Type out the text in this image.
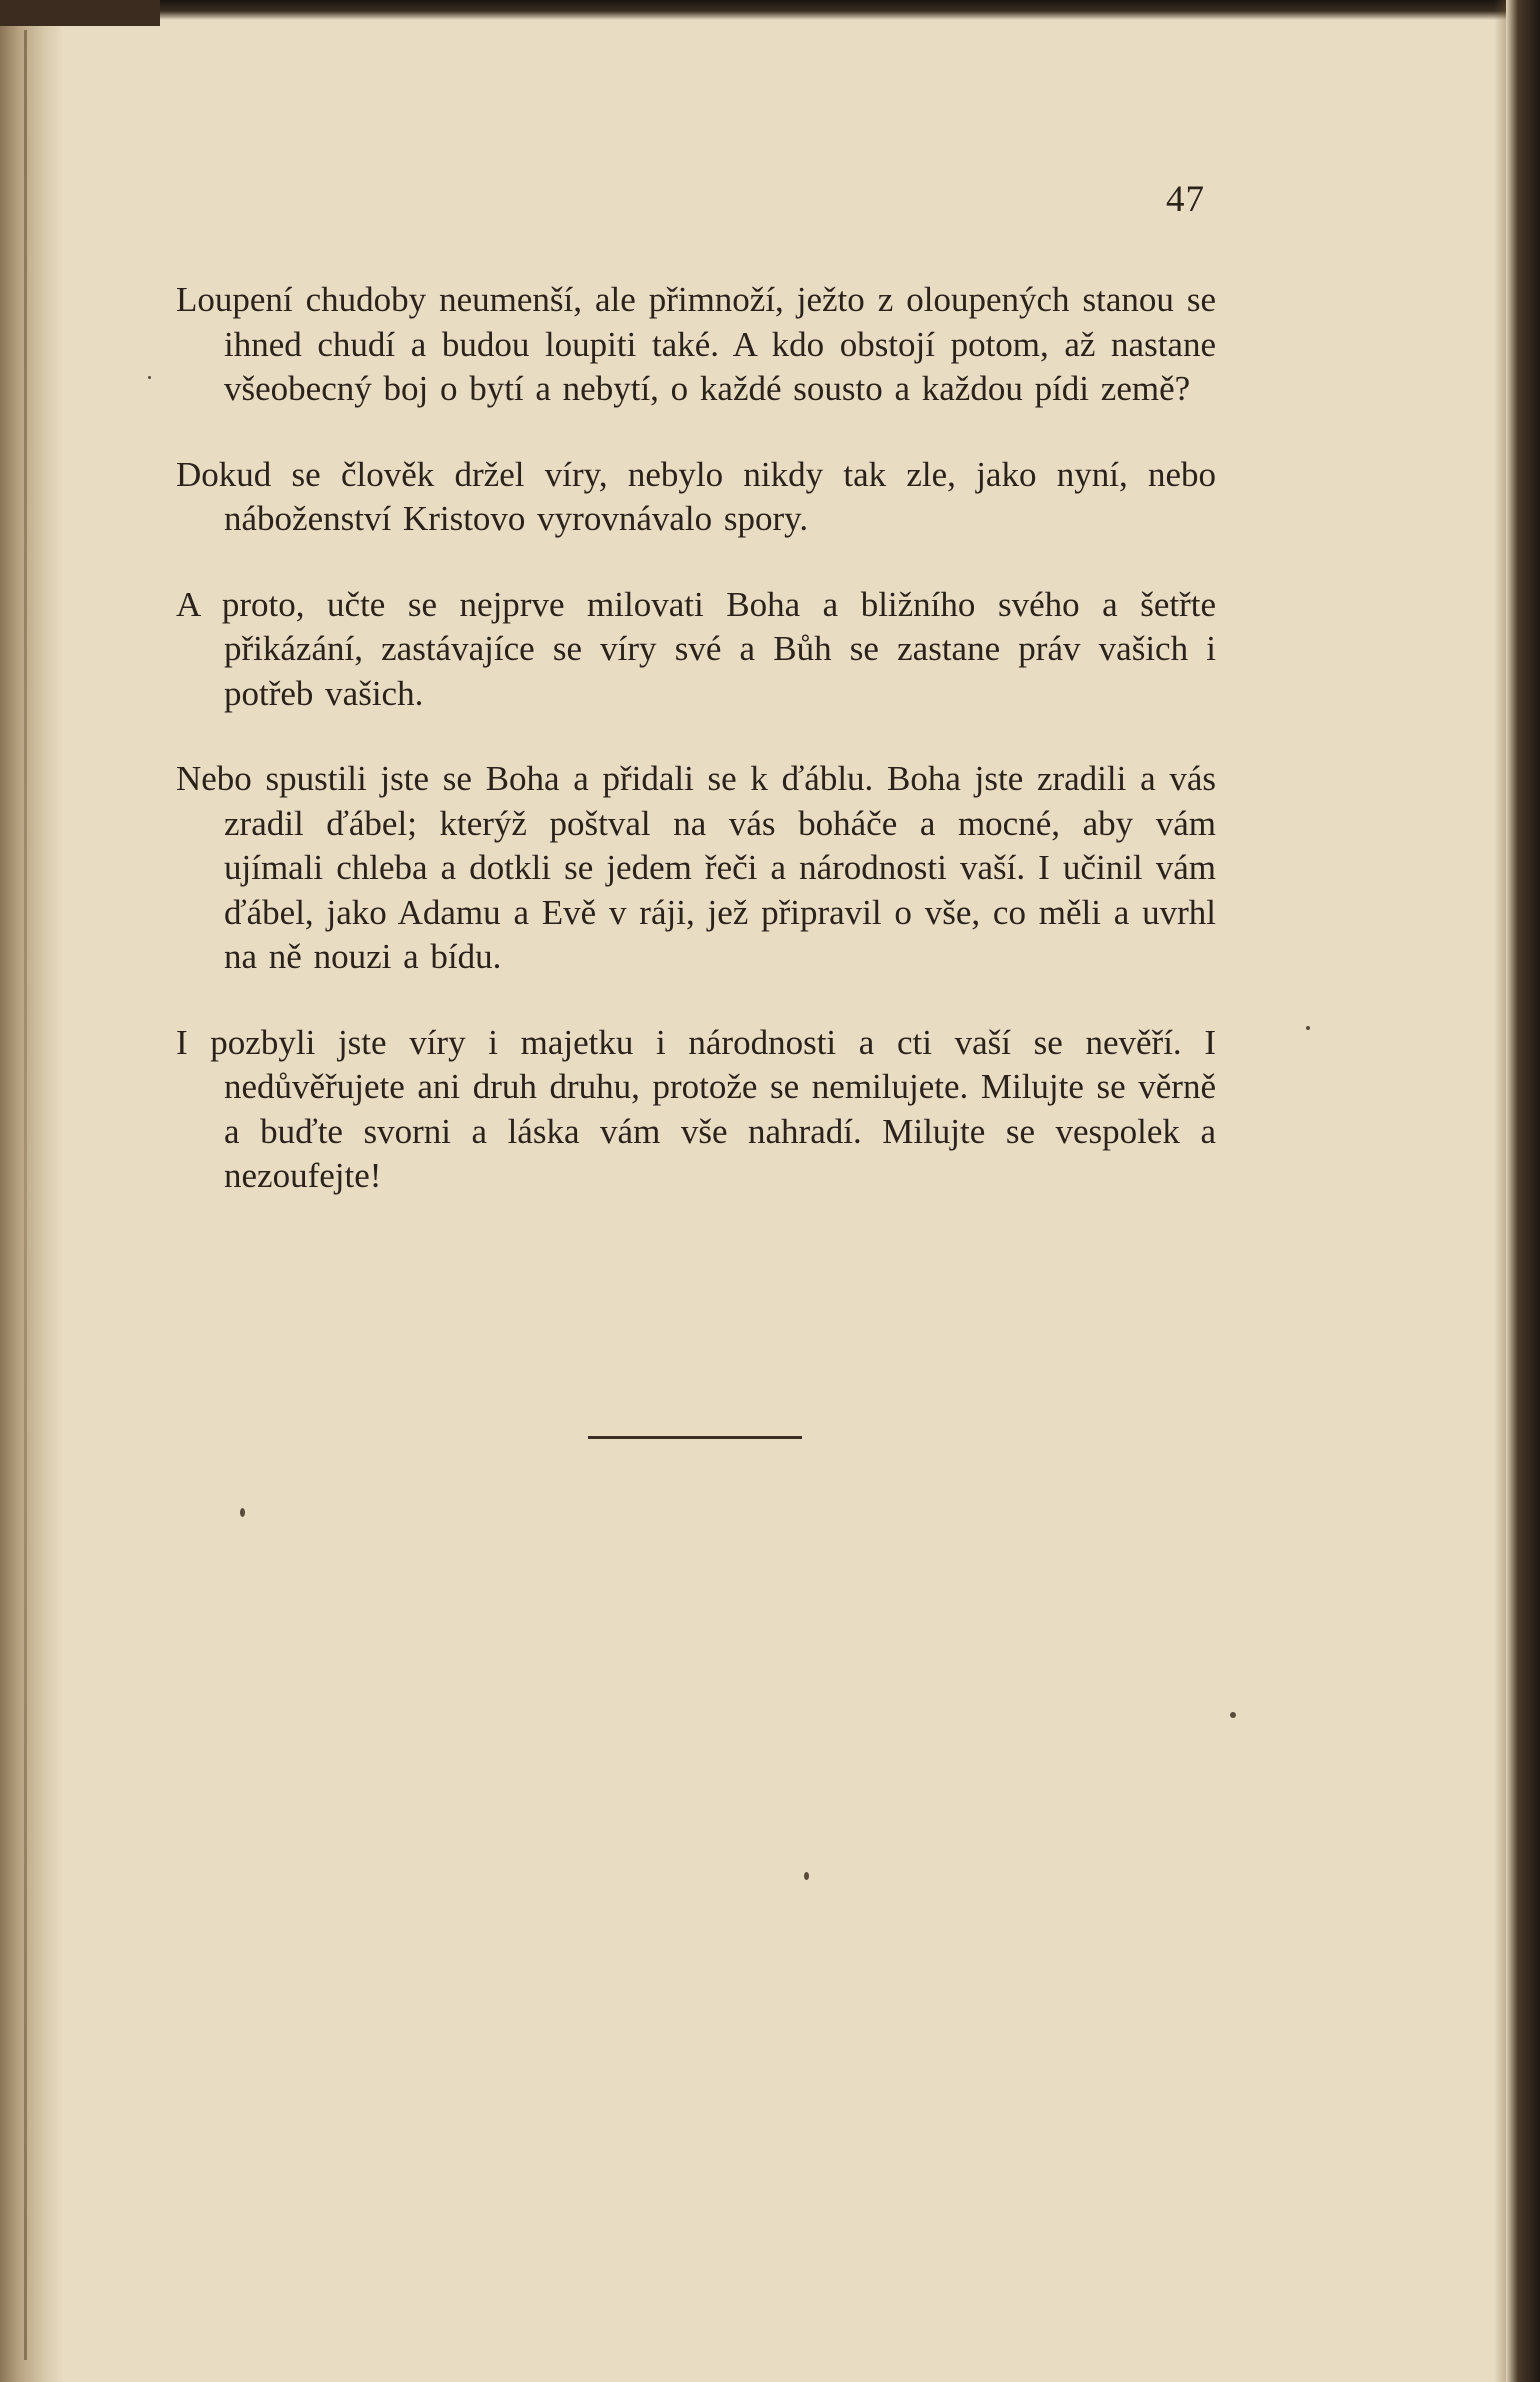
47

Loupení chudoby neumenší, ale přimnoží, ježto z oloupených stanou se ihned chudí a budou loupiti také. A kdo obstojí potom, až nastane všeobecný boj o bytí a nebytí, o každé sousto a každou pídi země?

Dokud se člověk držel víry, nebylo nikdy tak zle, jako nyní, nebo náboženství Kristovo vyrovnávalo spory.

A proto, učte se nejprve milovati Boha a bližního svého a šetřte přikázání, zastávajíce se víry své a Bůh se zastane práv vašich i potřeb vašich.

Nebo spustili jste se Boha a přidali se k ďáblu. Boha jste zradili a vás zradil ďábel; kterýž poštval na vás boháče a mocné, aby vám ujímali chleba a dotkli se jedem řeči a národnosti vaší. I učinil vám ďábel, jako Adamu a Evě v ráji, jež připravil o vše, co měli a uvrhl na ně nouzi a bídu.

I pozbyli jste víry i majetku i národnosti a cti vaší se nevěří. I nedůvěřujete ani druh druhu, protože se nemilujete. Milujte se věrně a buďte svorni a láska vám vše nahradí. Milujte se vespolek a nezoufejte!
